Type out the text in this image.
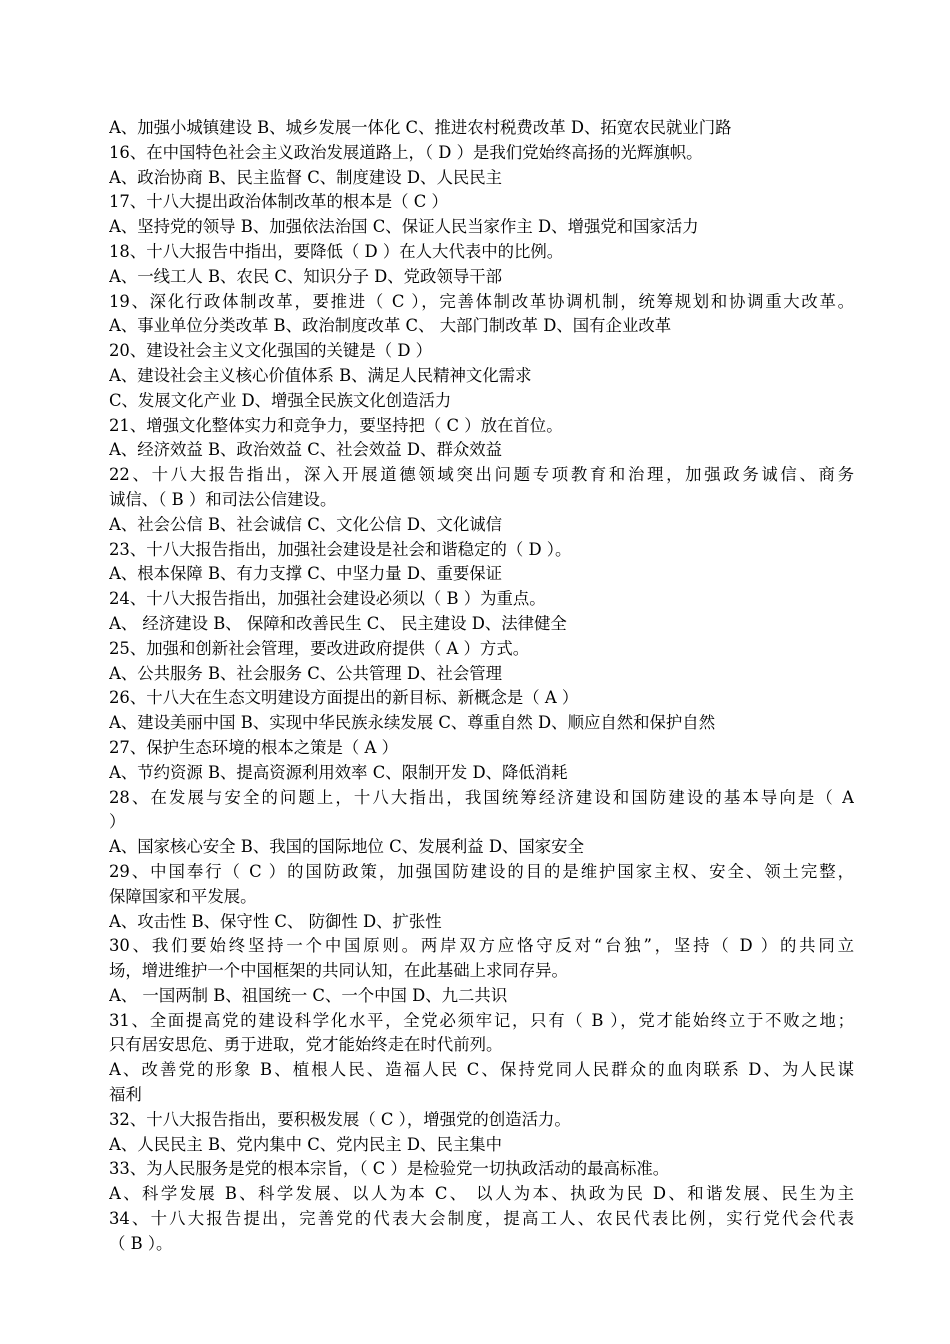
A、加强小城镇建设 B、城乡发展一体化 C、推进农村税费改革 D、拓宽农民就业门路
16、在中国特色社会主义政治发展道路上，（ D ）是我们党始终高扬的光辉旗帜。
A、政治协商 B、民主监督 C、制度建设 D、人民民主
17、十八大提出政治体制改革的根本是（ C ）
A、坚持党的领导 B、加强依法治国 C、保证人民当家作主 D、增强党和国家活力
18、十八大报告中指出，要降低（ D ）在人大代表中的比例。
A、一线工人 B、农民 C、知识分子 D、党政领导干部
19、深化行政体制改革，要推进（ C ），完善体制改革协调机制，统筹规划和协调重大改革。
A、事业单位分类改革 B、政治制度改革 C、 大部门制改革 D、国有企业改革
20、建设社会主义文化强国的关键是（ D ）
A、建设社会主义核心价值体系 B、满足人民精神文化需求
C、发展文化产业 D、增强全民族文化创造活力
21、增强文化整体实力和竞争力，要坚持把（ C ）放在首位。
A、经济效益 B、政治效益 C、社会效益 D、群众效益
22、十八大报告指出，深入开展道德领域突出问题专项教育和治理，加强政务诚信、商务
诚信、（ B ）和司法公信建设。
A、社会公信 B、社会诚信 C、文化公信 D、文化诚信
23、十八大报告指出，加强社会建设是社会和谐稳定的（ D ）。
A、根本保障 B、有力支撑 C、中坚力量 D、重要保证
24、十八大报告指出，加强社会建设必须以（ B ）为重点。
A、 经济建设 B、 保障和改善民生 C、 民主建设 D、法律健全
25、加强和创新社会管理，要改进政府提供（ A ）方式。
A、公共服务 B、社会服务 C、公共管理 D、社会管理
26、十八大在生态文明建设方面提出的新目标、新概念是（ A ）
A、建设美丽中国 B、实现中华民族永续发展 C、尊重自然 D、顺应自然和保护自然
27、保护生态环境的根本之策是（ A ）
A、节约资源 B、提高资源利用效率 C、限制开发 D、降低消耗
28、在发展与安全的问题上，十八大指出，我国统筹经济建设和国防建设的基本导向是（ A
）
A、国家核心安全 B、我国的国际地位 C、发展利益 D、国家安全
29、中国奉行（ C ）的国防政策，加强国防建设的目的是维护国家主权、安全、领土完整，
保障国家和平发展。
A、攻击性 B、保守性 C、 防御性 D、扩张性
30、我们要始终坚持一个中国原则。两岸双方应恪守反对“台独”，坚持（ D ）的共同立
场，增进维护一个中国框架的共同认知，在此基础上求同存异。
A、 一国两制 B、祖国统一 C、一个中国 D、九二共识
31、全面提高党的建设科学化水平，全党必须牢记，只有（ B ），党才能始终立于不败之地；
只有居安思危、勇于进取，党才能始终走在时代前列。
A、改善党的形象 B、植根人民、造福人民 C、保持党同人民群众的血肉联系 D、为人民谋
福利
32、十八大报告指出，要积极发展（ C ），增强党的创造活力。
A、人民民主 B、党内集中 C、党内民主 D、民主集中
33、为人民服务是党的根本宗旨，（ C ）是检验党一切执政活动的最高标准。
A、科学发展 B、科学发展、以人为本 C、 以人为本、执政为民 D、和谐发展、民生为主
34、十八大报告提出，完善党的代表大会制度，提高工人、农民代表比例，实行党代会代表
（ B ）。
